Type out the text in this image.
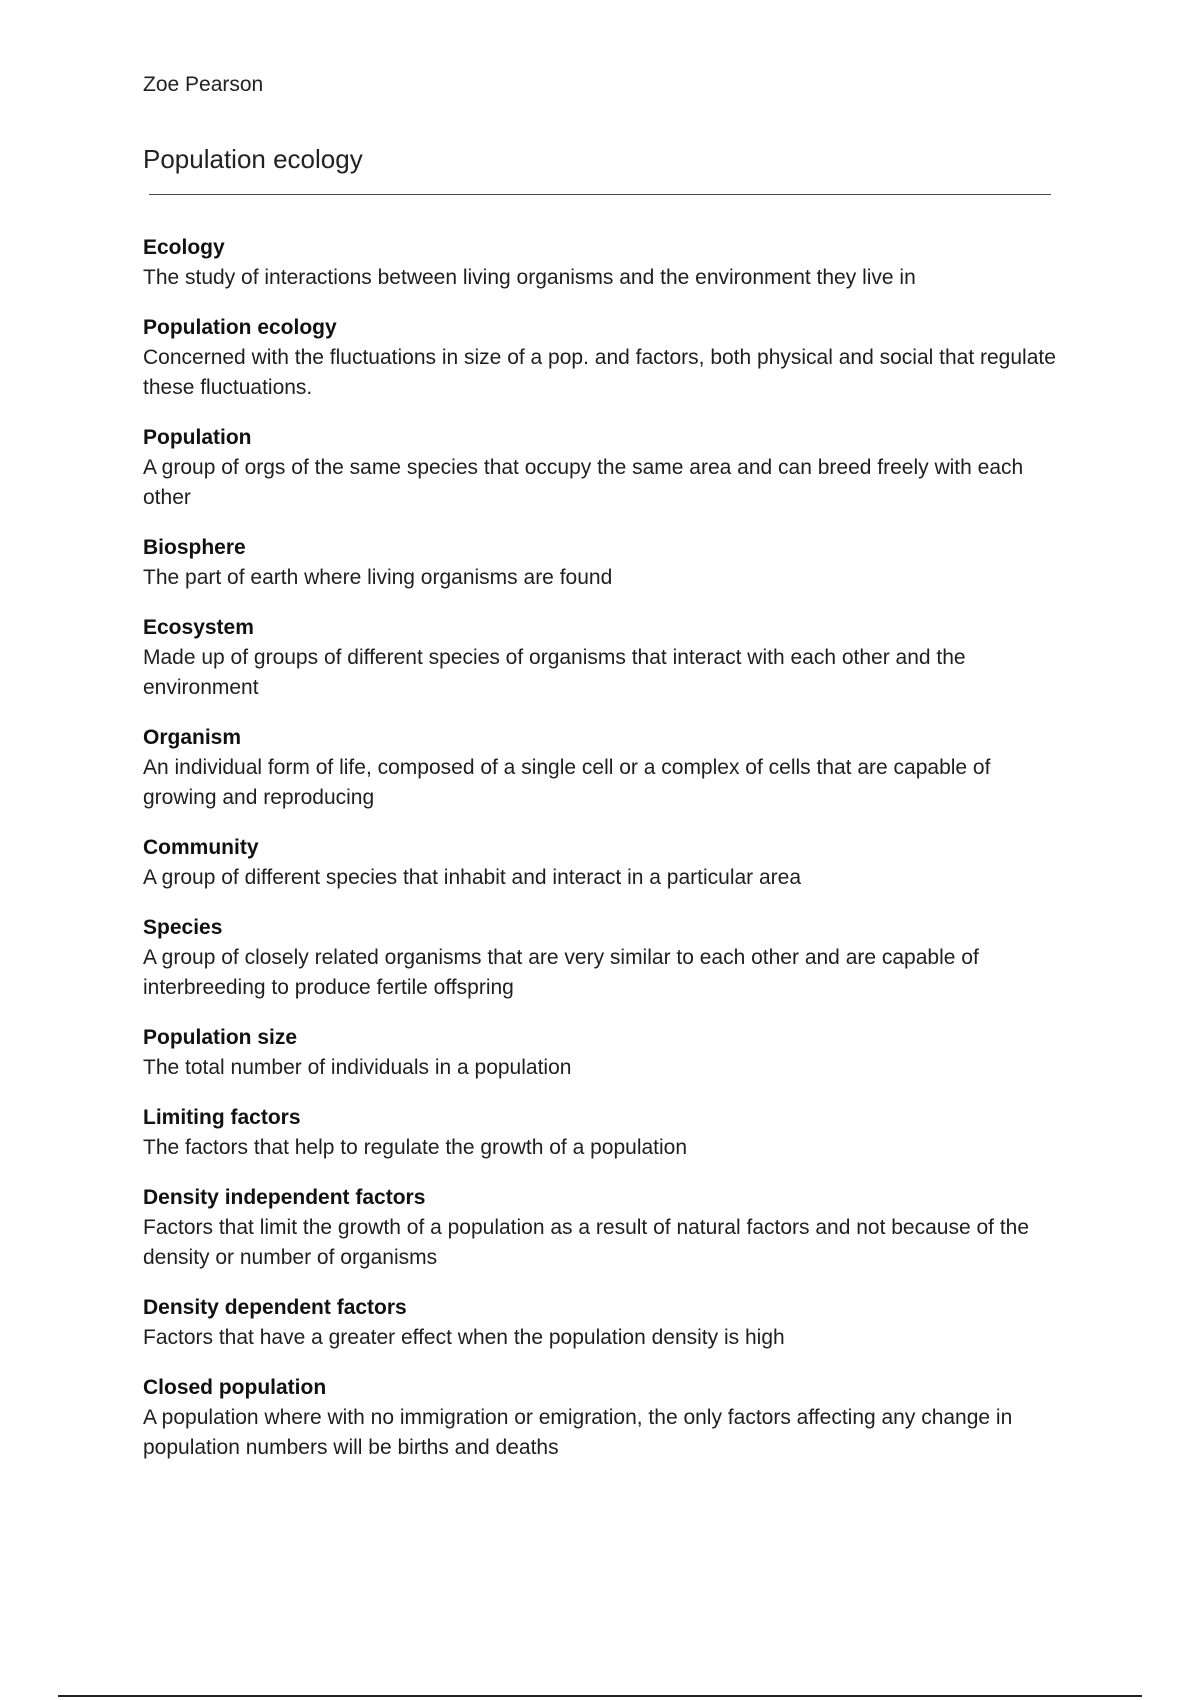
Zoe Pearson
Population ecology
Ecology
The study of interactions between living organisms and the environment they live in
Population ecology
Concerned with the fluctuations in size of a pop. and factors, both physical and social that regulate these fluctuations.
Population
A group of orgs of the same species that occupy the same area and can breed freely with each other
Biosphere
The part of earth where living organisms are found
Ecosystem
Made up of groups of different species of organisms that interact with each other and the environment
Organism
An individual form of life, composed of a single cell or a complex of cells that are capable of growing and reproducing
Community
A group of different species that inhabit and interact in a particular area
Species
A group of closely related organisms that are very similar to each other and are capable of interbreeding to produce fertile offspring
Population size
The total number of individuals in a population
Limiting factors
The factors that help to regulate the growth of a population
Density independent factors
Factors that limit the growth of a population as a result of natural factors and not because of the density or number of organisms
Density dependent factors
Factors that have a greater effect when the population density is high
Closed population
A population where with no immigration or emigration, the only factors affecting any change in population numbers will be births and deaths
